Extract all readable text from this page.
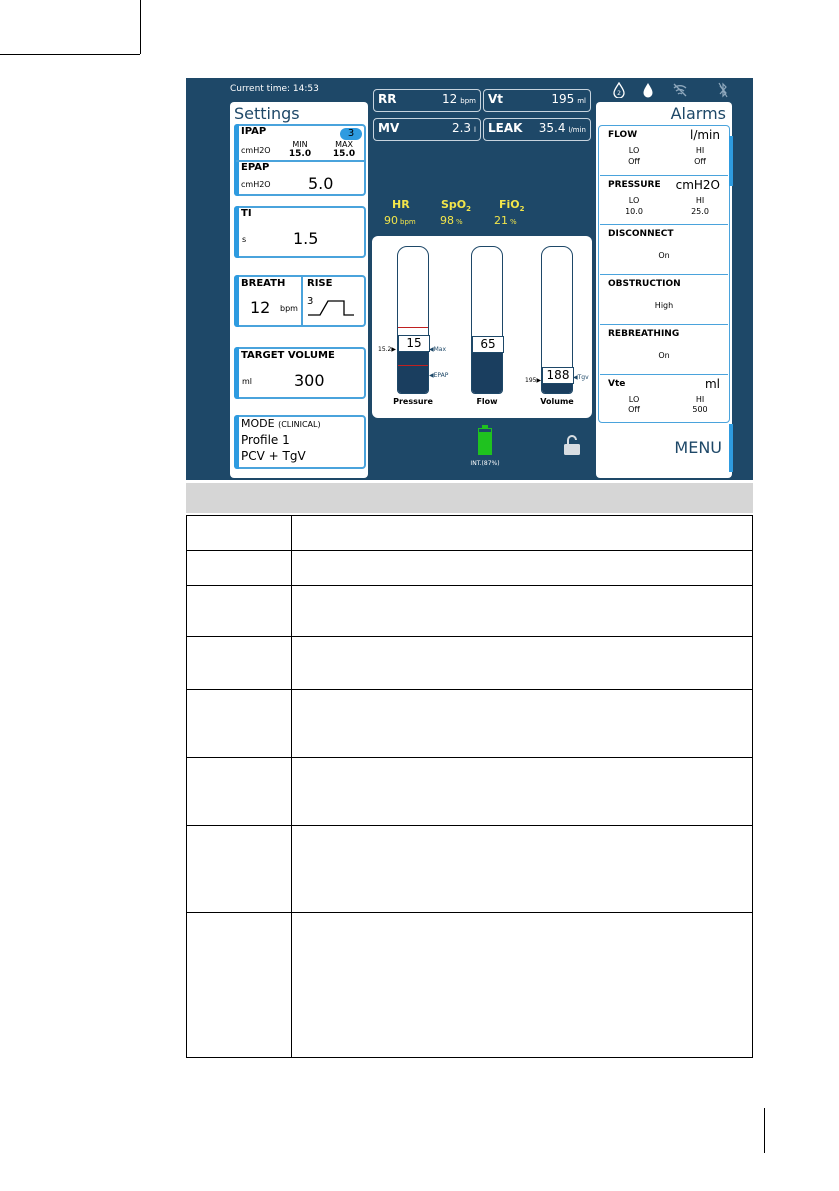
Current time: 14:53	2
Settings
IPAP	3
cmH2O
MIN
15.0
MAX
15.0
EPAP
cmH2O 5.0
TI
s	1.5
BREATH
12 bpm
RISE
3
TARGET VOLUME
ml	300
MODE (CLINICAL)
Profile 1
PCV + TgV
RR	12 bpm Vt	195 ml
MV	2.3 l LEAK 35.4 l/min
HR
90 bpm
SpO$_2$
98 %
FiO$_2$
21 %
15
15.2▶	◀Max
◀EPAP
Pressure
65
Flow
188
195▶	◀Tgv
Volume
INT.(87%)
Alarms
FLOW	l/min
LO	HI
Off	Off
PRESSURE cmH2O
LO	HI
10.0	25.0
DISCONNECT
On
OBSTRUCTION
High
REBREATHING
On
Vte	ml
LO	HI
Off	500
MENU
